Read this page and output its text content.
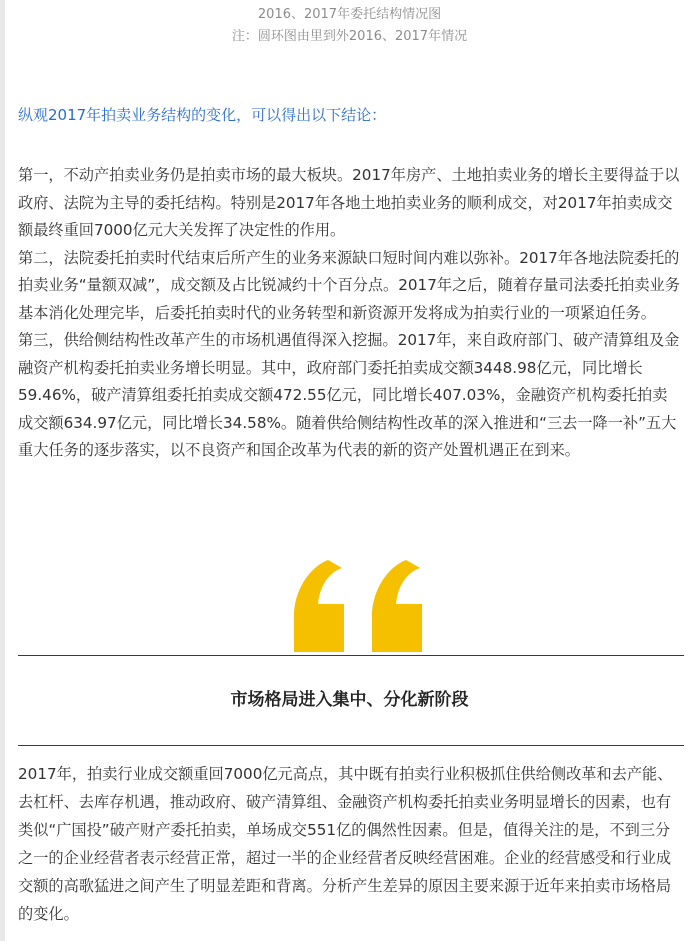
2016、2017年委托结构情况图
注：圆环图由里到外2016、2017年情况
纵观2017年拍卖业务结构的变化，可以得出以下结论：

第一，不动产拍卖业务仍是拍卖市场的最大板块。2017年房产、土地拍卖业务的增长主要得益于以政府、法院为主导的委托结构。特别是2017年各地土地拍卖业务的顺利成交，对2017年拍卖成交额最终重回7000亿元大关发挥了决定性的作用。

第二，法院委托拍卖时代结束后所产生的业务来源缺口短时间内难以弥补。2017年各地法院委托的拍卖业务“量额双减”，成交额及占比锐减约十个百分点。2017年之后，随着存量司法委托拍卖业务基本消化处理完毕，后委托拍卖时代的业务转型和新资源开发将成为拍卖行业的一项紧迫任务。

第三，供给侧结构性改革产生的市场机遇值得深入挖掘。2017年，来自政府部门、破产清算组及金融资产机构委托拍卖业务增长明显。其中，政府部门委托拍卖成交额3448.98亿元，同比增长59.46%，破产清算组委托拍卖成交额472.55亿元，同比增长407.03%，金融资产机构委托拍卖成交额634.97亿元，同比增长34.58%。随着供给侧结构性改革的深入推进和“三去一降一补”五大重大任务的逐步落实，以不良资产和国企改革为代表的新的资产处置机遇正在到来。

市场格局进入集中、分化新阶段

2017年，拍卖行业成交额重回7000亿元高点，其中既有拍卖行业积极抓住供给侧改革和去产能、去杠杆、去库存机遇，推动政府、破产清算组、金融资产机构委托拍卖业务明显增长的因素，也有类似“广国投”破产财产委托拍卖，单场成交551亿的偶然性因素。但是，值得关注的是，不到三分之一的企业经营者表示经营正常，超过一半的企业经营者反映经营困难。企业的经营感受和行业成交额的高歌猛进之间产生了明显差距和背离。分析产生差异的原因主要来源于近年来拍卖市场格局的变化。
